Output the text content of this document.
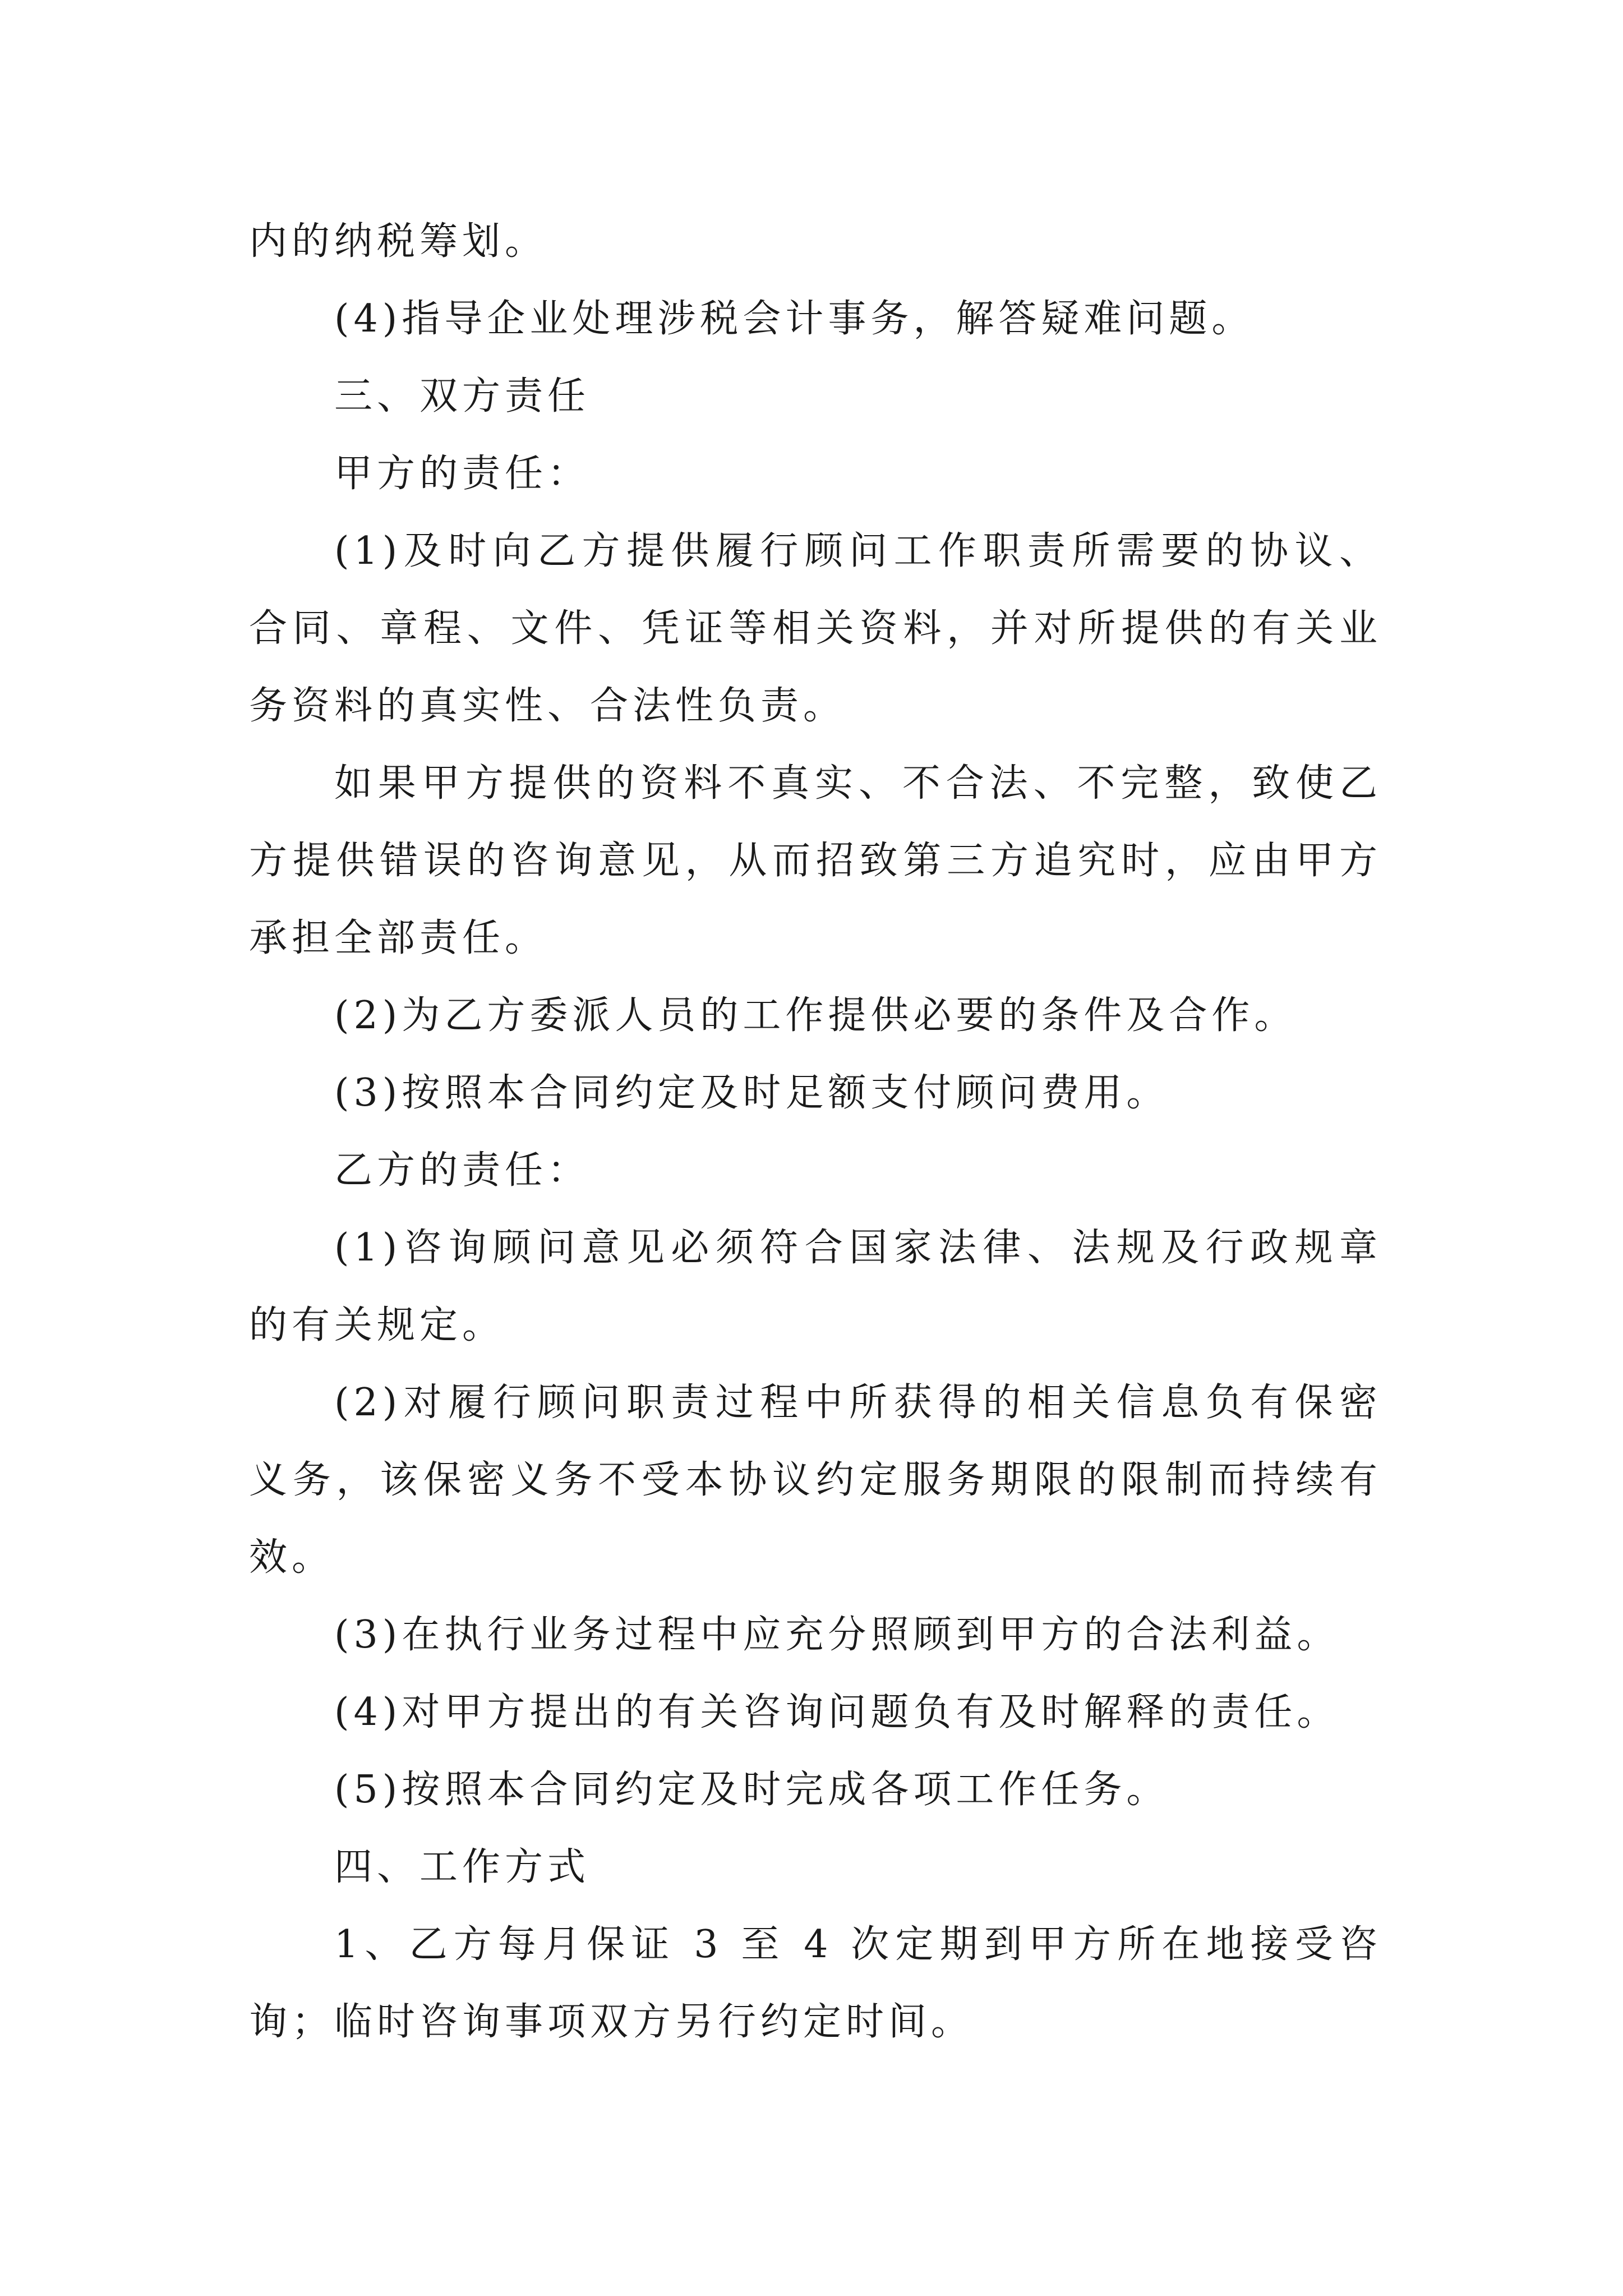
内的纳税筹划。

(4)指导企业处理涉税会计事务，解答疑难问题。

三、双方责任

甲方的责任：

(1)及时向乙方提供履行顾问工作职责所需要的协议、合同、章程、文件、凭证等相关资料，并对所提供的有关业务资料的真实性、合法性负责。

如果甲方提供的资料不真实、不合法、不完整，致使乙方提供错误的咨询意见，从而招致第三方追究时，应由甲方承担全部责任。

(2)为乙方委派人员的工作提供必要的条件及合作。

(3)按照本合同约定及时足额支付顾问费用。

乙方的责任：

(1)咨询顾问意见必须符合国家法律、法规及行政规章的有关规定。

(2)对履行顾问职责过程中所获得的相关信息负有保密义务，该保密义务不受本协议约定服务期限的限制而持续有效。

(3)在执行业务过程中应充分照顾到甲方的合法利益。

(4)对甲方提出的有关咨询问题负有及时解释的责任。

(5)按照本合同约定及时完成各项工作任务。

四、工作方式

1、乙方每月保证 3 至 4 次定期到甲方所在地接受咨询；临时咨询事项双方另行约定时间。
